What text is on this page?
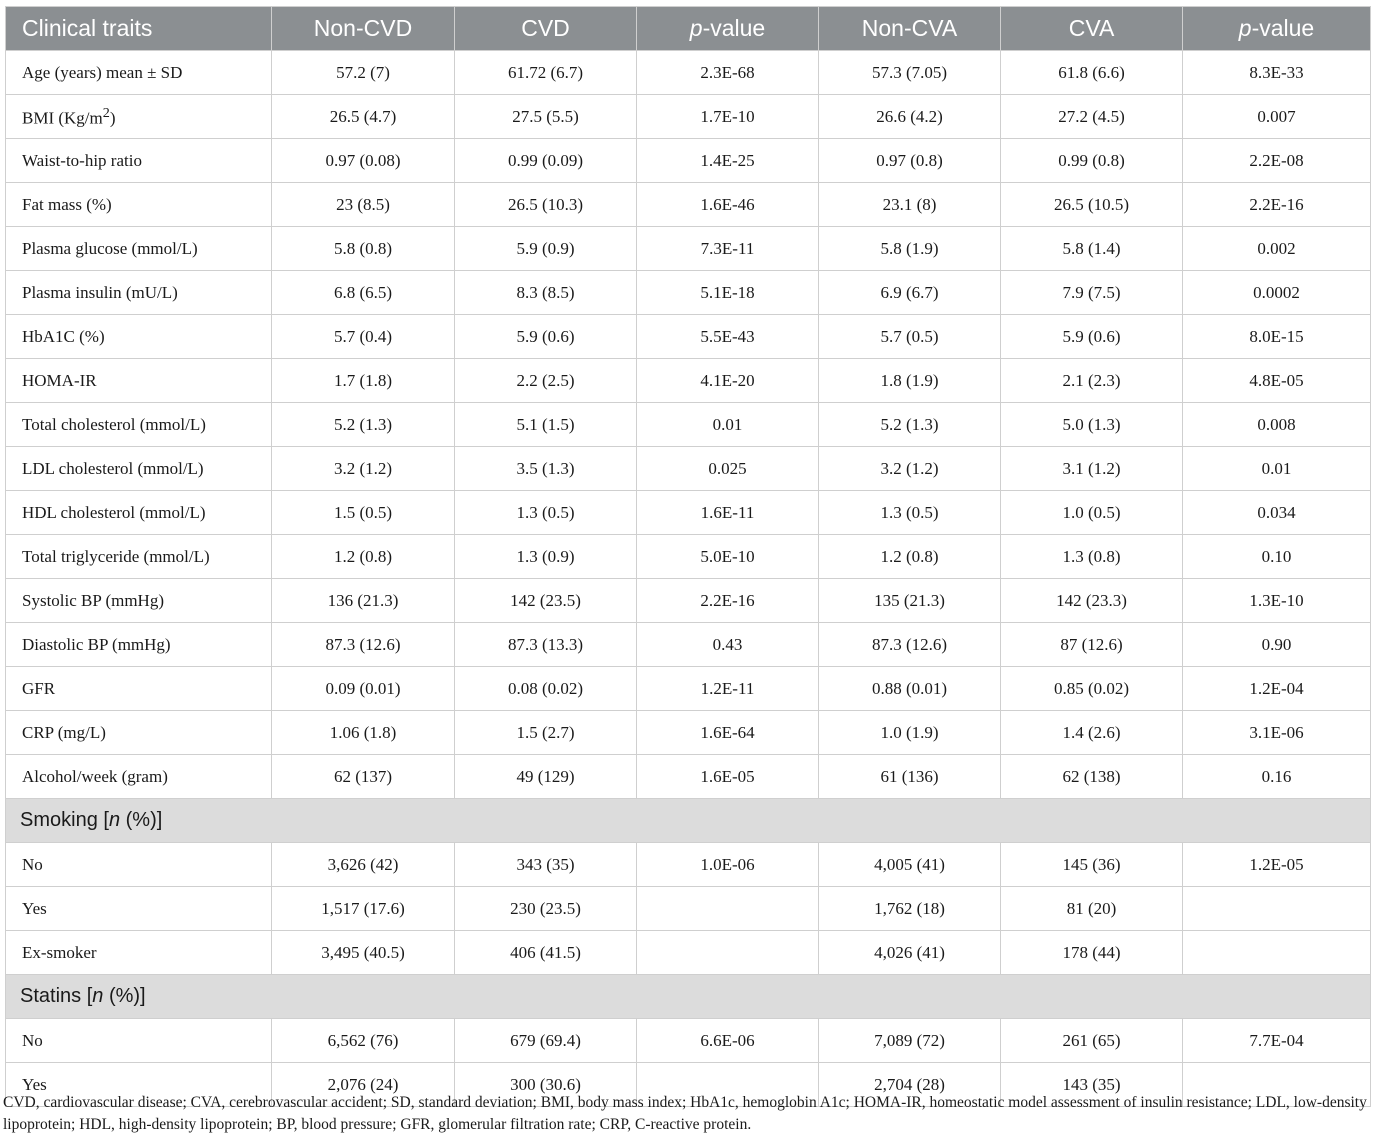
Clinical traits	Non-CVD	CVD	p-value	Non-CVA	CVA	p-value
Age (years) mean ± SD	57.2 (7)	61.72 (6.7)	2.3E-68	57.3 (7.05)	61.8 (6.6)	8.3E-33
BMI $(Kg/m^2)$	26.5 (4.7)	27.5 (5.5)	1.7E-10	26.6 (4.2)	27.2 (4.5)	0.007
Waist-to-hip ratio	0.97 (0.08)	0.99 (0.09)	1.4E-25	0.97 (0.8)	0.99 (0.8)	2.2E-08
Fat mass (%)	23 (8.5)	26.5 (10.3)	1.6E-46	23.1 (8)	26.5 (10.5)	2.2E-16
Plasma glucose (mmol/L)	5.8 (0.8)	5.9 (0.9)	7.3E-11	5.8 (1.9)	5.8 (1.4)	0.002
Plasma insulin (mU/L)	6.8 (6.5)	8.3 (8.5)	5.1E-18	6.9 (6.7)	7.9 (7.5)	0.0002
HbA1C (%)	5.7 (0.4)	5.9 (0.6)	5.5E-43	5.7 (0.5)	5.9 (0.6)	8.0E-15
HOMA-IR	1.7 (1.8)	2.2 (2.5)	4.1E-20	1.8 (1.9)	2.1 (2.3)	4.8E-05
Total cholesterol (mmol/L)	5.2 (1.3)	5.1 (1.5)	0.01	5.2 (1.3)	5.0 (1.3)	0.008
LDL cholesterol (mmol/L)	3.2 (1.2)	3.5 (1.3)	0.025	3.2 (1.2)	3.1 (1.2)	0.01
HDL cholesterol (mmol/L)	1.5 (0.5)	1.3 (0.5)	1.6E-11	1.3 (0.5)	1.0 (0.5)	0.034
Total triglyceride (mmol/L)	1.2 (0.8)	1.3 (0.9)	5.0E-10	1.2 (0.8)	1.3 (0.8)	0.10
Systolic BP (mmHg)	136 (21.3)	142 (23.5)	2.2E-16	135 (21.3)	142 (23.3)	1.3E-10
Diastolic BP (mmHg)	87.3 (12.6)	87.3 (13.3)	0.43	87.3 (12.6)	87 (12.6)	0.90
GFR	0.09 (0.01)	0.08 (0.02)	1.2E-11	0.88 (0.01)	0.85 (0.02)	1.2E-04
CRP (mg/L)	1.06 (1.8)	1.5 (2.7)	1.6E-64	1.0 (1.9)	1.4 (2.6)	3.1E-06
Alcohol/week (gram)	62 (137)	49 (129)	1.6E-05	61 (136)	62 (138)	0.16
Smoking [n (%)]						
No	3,626 (42)	343 (35)	1.0E-06	4,005 (41)	145 (36)	1.2E-05
Yes	1,517 (17.6)	230 (23.5)		1,762 (18)	81 (20)	
Ex-smoker	3,495 (40.5)	406 (41.5)		4,026 (41)	178 (44)	
Statins [n (%)]						
No	6,562 (76)	679 (69.4)	6.6E-06	7,089 (72)	261 (65)	7.7E-04
Yes	2,076 (24)	300 (30.6)		2,704 (28)	143 (35)	
CVD, cardiovascular disease; CVA, cerebrovascular accident; SD, standard deviation; BMI, body mass index; HbA1c, hemoglobin A1c; HOMA-IR, homeostatic model assessment of insulin resistance; LDL, low-density lipoprotein; HDL, high-density lipoprotein; BP, blood pressure; GFR, glomerular filtration rate; CRP, C-reactive protein.
